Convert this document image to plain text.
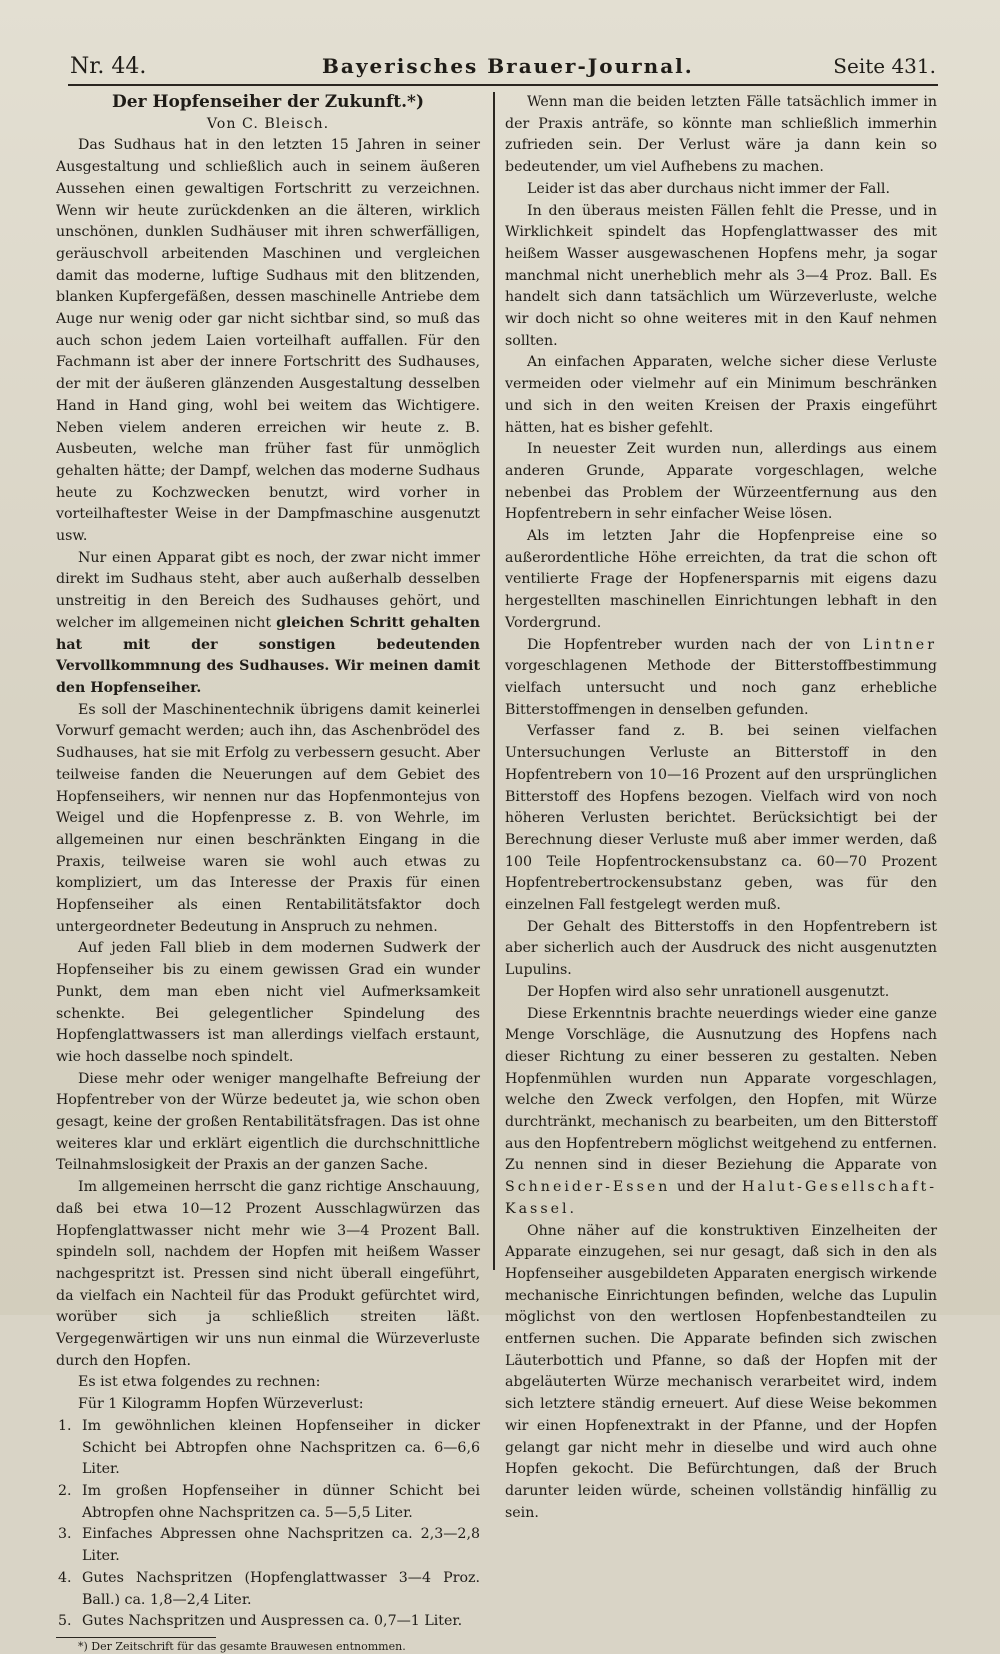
Nr. 44.	Bayerisches Brauer-Journal.	Seite 431.

Der Hopfenseiher der Zukunft.*)

Von C. Bleisch.

Das Sudhaus hat in den letzten 15 Jahren in seiner Ausgestaltung und schließlich auch in seinem äußeren Aussehen einen gewaltigen Fortschritt zu verzeichnen. Wenn wir heute zurückdenken an die älteren, wirklich unschönen, dunklen Sudhäuser mit ihren schwerfälligen, geräuschvoll arbeitenden Maschinen und vergleichen damit das moderne, luftige Sudhaus mit den blitzenden, blanken Kupfergefäßen, dessen maschinelle Antriebe dem Auge nur wenig oder gar nicht sichtbar sind, so muß das auch schon jedem Laien vorteilhaft auffallen. Für den Fachmann ist aber der innere Fortschritt des Sudhauses, der mit der äußeren glänzenden Ausgestaltung desselben Hand in Hand ging, wohl bei weitem das Wichtigere. Neben vielem anderen erreichen wir heute z. B. Ausbeuten, welche man früher fast für unmöglich gehalten hätte; der Dampf, welchen das moderne Sudhaus heute zu Kochzwecken benutzt, wird vorher in vorteilhaftester Weise in der Dampfmaschine ausgenutzt usw.

Nur einen Apparat gibt es noch, der zwar nicht immer direkt im Sudhaus steht, aber auch außerhalb desselben unstreitig in den Bereich des Sudhauses gehört, und welcher im allgemeinen nicht gleichen Schritt gehalten hat mit der sonstigen bedeutenden Vervollkommnung des Sudhauses. Wir meinen damit den Hopfenseiher.

Es soll der Maschinentechnik übrigens damit keinerlei Vorwurf gemacht werden; auch ihn, das Aschenbrödel des Sudhauses, hat sie mit Erfolg zu verbessern gesucht. Aber teilweise fanden die Neuerungen auf dem Gebiet des Hopfenseihers, wir nennen nur das Hopfenmontejus von Weigel und die Hopfenpresse z. B. von Wehrle, im allgemeinen nur einen beschränkten Eingang in die Praxis, teilweise waren sie wohl auch etwas zu kompliziert, um das Interesse der Praxis für einen Hopfenseiher als einen Rentabilitätsfaktor doch untergeordneter Bedeutung in Anspruch zu nehmen.

Auf jeden Fall blieb in dem modernen Sudwerk der Hopfenseiher bis zu einem gewissen Grad ein wunder Punkt, dem man eben nicht viel Aufmerksamkeit schenkte. Bei gelegentlicher Spindelung des Hopfenglattwassers ist man allerdings vielfach erstaunt, wie hoch dasselbe noch spindelt.

Diese mehr oder weniger mangelhafte Befreiung der Hopfentreber von der Würze bedeutet ja, wie schon oben gesagt, keine der großen Rentabilitätsfragen. Das ist ohne weiteres klar und erklärt eigentlich die durchschnittliche Teilnahmslosigkeit der Praxis an der ganzen Sache.

Im allgemeinen herrscht die ganz richtige Anschauung, daß bei etwa 10—12 Prozent Ausschlagwürzen das Hopfenglattwasser nicht mehr wie 3—4 Prozent Ball. spindeln soll, nachdem der Hopfen mit heißem Wasser nachgespritzt ist. Pressen sind nicht überall eingeführt, da vielfach ein Nachteil für das Produkt gefürchtet wird, worüber sich ja schließlich streiten läßt. Vergegenwärtigen wir uns nun einmal die Würzeverluste durch den Hopfen.

Es ist etwa folgendes zu rechnen:

Für 1 Kilogramm Hopfen Würzeverlust:

1. Im gewöhnlichen kleinen Hopfenseiher in dicker Schicht bei Abtropfen ohne Nachspritzen ca. 6—6,6 Liter.
2. Im großen Hopfenseiher in dünner Schicht bei Abtropfen ohne Nachspritzen ca. 5—5,5 Liter.
3. Einfaches Abpressen ohne Nachspritzen ca. 2,3—2,8 Liter.
4. Gutes Nachspritzen (Hopfenglattwasser 3—4 Proz. Ball.) ca. 1,8—2,4 Liter.
5. Gutes Nachspritzen und Auspressen ca. 0,7—1 Liter.

*) Der Zeitschrift für das gesamte Brauwesen entnommen.

Wenn man die beiden letzten Fälle tatsächlich immer in der Praxis anträfe, so könnte man schließlich immerhin zufrieden sein. Der Verlust wäre ja dann kein so bedeutender, um viel Aufhebens zu machen.

Leider ist das aber durchaus nicht immer der Fall.

In den überaus meisten Fällen fehlt die Presse, und in Wirklichkeit spindelt das Hopfenglattwasser des mit heißem Wasser ausgewaschenen Hopfens mehr, ja sogar manchmal nicht unerheblich mehr als 3—4 Proz. Ball. Es handelt sich dann tatsächlich um Würzeverluste, welche wir doch nicht so ohne weiteres mit in den Kauf nehmen sollten.

An einfachen Apparaten, welche sicher diese Verluste vermeiden oder vielmehr auf ein Minimum beschränken und sich in den weiten Kreisen der Praxis eingeführt hätten, hat es bisher gefehlt.

In neuester Zeit wurden nun, allerdings aus einem anderen Grunde, Apparate vorgeschlagen, welche nebenbei das Problem der Würzeentfernung aus den Hopfentrebern in sehr einfacher Weise lösen.

Als im letzten Jahr die Hopfenpreise eine so außerordentliche Höhe erreichten, da trat die schon oft ventilierte Frage der Hopfenersparnis mit eigens dazu hergestellten maschinellen Einrichtungen lebhaft in den Vordergrund.

Die Hopfentreber wurden nach der von Lintner vorgeschlagenen Methode der Bitterstoffbestimmung vielfach untersucht und noch ganz erhebliche Bitterstoffmengen in denselben gefunden.

Verfasser fand z. B. bei seinen vielfachen Untersuchungen Verluste an Bitterstoff in den Hopfentrebern von 10—16 Prozent auf den ursprünglichen Bitterstoff des Hopfens bezogen. Vielfach wird von noch höheren Verlusten berichtet. Berücksichtigt bei der Berechnung dieser Verluste muß aber immer werden, daß 100 Teile Hopfentrockensubstanz ca. 60—70 Prozent Hopfentrebertrockensubstanz geben, was für den einzelnen Fall festgelegt werden muß.

Der Gehalt des Bitterstoffs in den Hopfentrebern ist aber sicherlich auch der Ausdruck des nicht ausgenutzten Lupulins.

Der Hopfen wird also sehr unrationell ausgenutzt.

Diese Erkenntnis brachte neuerdings wieder eine ganze Menge Vorschläge, die Ausnutzung des Hopfens nach dieser Richtung zu einer besseren zu gestalten. Neben Hopfenmühlen wurden nun Apparate vorgeschlagen, welche den Zweck verfolgen, den Hopfen, mit Würze durchtränkt, mechanisch zu bearbeiten, um den Bitterstoff aus den Hopfentrebern möglichst weitgehend zu entfernen. Zu nennen sind in dieser Beziehung die Apparate von Schneider-Essen und der Halut-Gesellschaft-Kassel.

Ohne näher auf die konstruktiven Einzelheiten der Apparate einzugehen, sei nur gesagt, daß sich in den als Hopfenseiher ausgebildeten Apparaten energisch wirkende mechanische Einrichtungen befinden, welche das Lupulin möglichst von den wertlosen Hopfenbestandteilen zu entfernen suchen. Die Apparate befinden sich zwischen Läuterbottich und Pfanne, so daß der Hopfen mit der abgeläuterten Würze mechanisch verarbeitet wird, indem sich letztere ständig erneuert. Auf diese Weise bekommen wir einen Hopfenextrakt in der Pfanne, und der Hopfen gelangt gar nicht mehr in dieselbe und wird auch ohne Hopfen gekocht. Die Befürchtungen, daß der Bruch darunter leiden würde, scheinen vollständig hinfällig zu sein.
